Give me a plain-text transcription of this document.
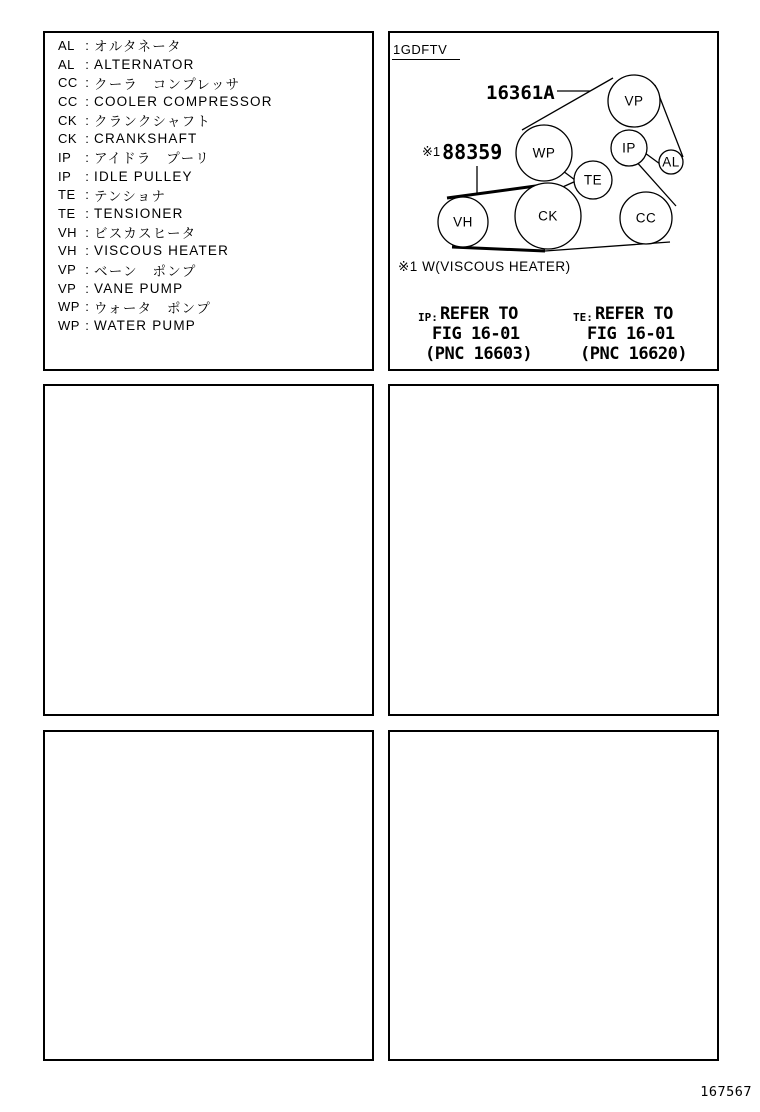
AL : オルタネータ
AL : ALTERNATOR
CC : クーラ　コンプレッサ
CC : COOLER COMPRESSOR
CK : クランクシャフト
CK : CRANKSHAFT
IP	: アイドラ　プーリ
IP	: IDLE PULLEY
TE : テンショナ
TE : TENSIONER
VH : ビスカスヒータ
VH : VISCOUS HEATER
VP : ベーン　ポンプ
VP : VANE PUMP
WP : ウォータ　ポンプ
WP : WATER PUMP
VP
WP	IP
AL
TE
VH	CK	CC
1GDFTV
16361A
※1 88359
※1 W(VISCOUS HEATER)
IP: REFER TO
FIG 16-01
(PNC 16603)
TE: REFER TO
FIG 16-01
(PNC 16620)
167567
